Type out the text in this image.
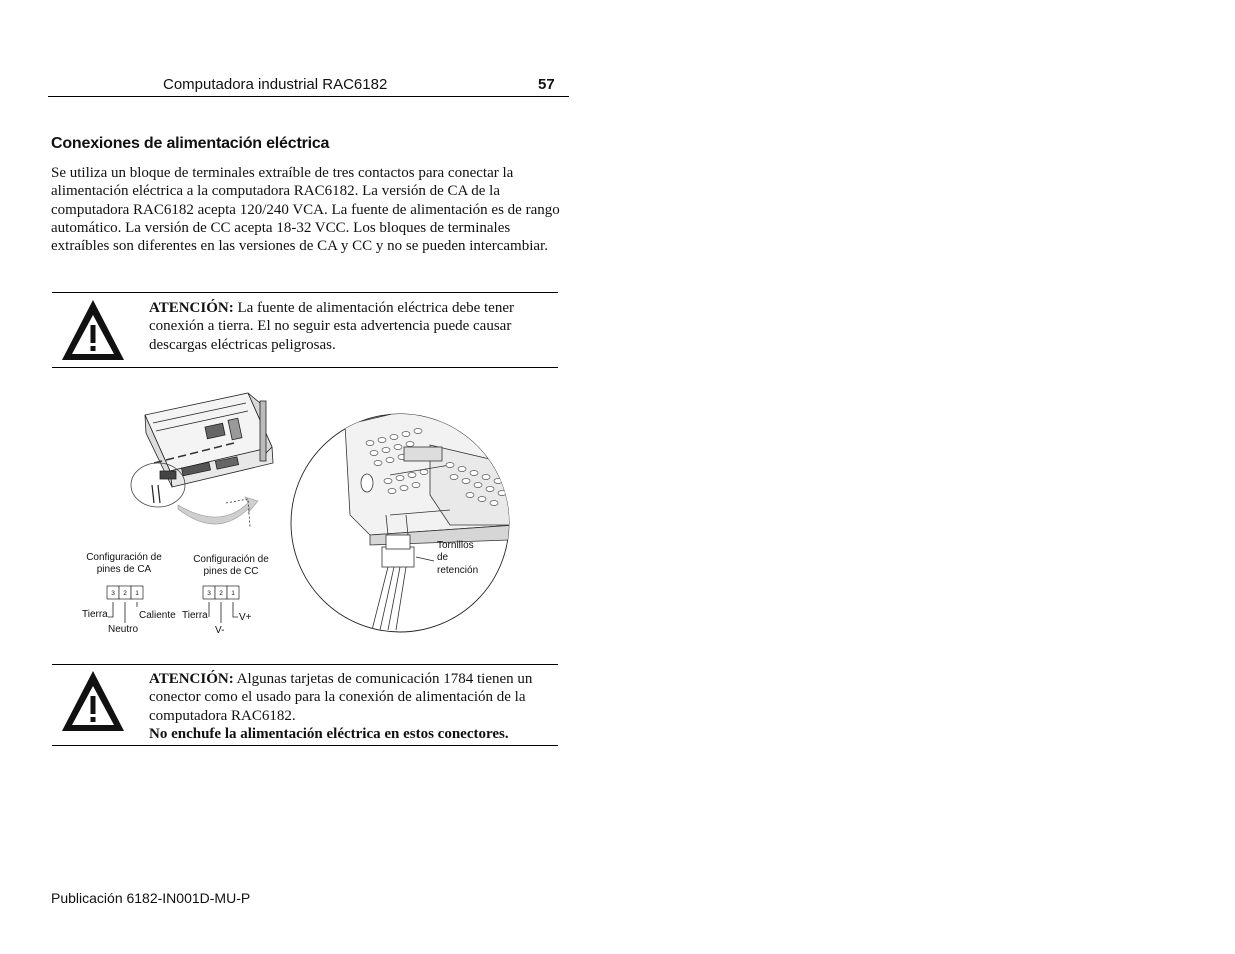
Computadora industrial RAC6182	57
Conexiones de alimentación eléctrica
Se utiliza un bloque de terminales extraíble de tres contactos para conectar la alimentación eléctrica a la computadora RAC6182. La versión de CA de la computadora RAC6182 acepta 120/240 VCA. La fuente de alimentación es de rango automático. La versión de CC acepta 18-32 VCC. Los bloques de terminales extraíbles son diferentes en las versiones de CA y CC y no se pueden intercambiar.
ATENCIÓN: La fuente de alimentación eléctrica debe tener conexión a tierra. El no seguir esta advertencia puede causar descargas eléctricas peligrosas.
Tornillos
de
retención
Configuración de
pines de CA
3 2 1
Tierra
Neutro
Caliente
Configuración de
pines de CC
3 2 1
Tierra
V-
V+
ATENCIÓN: Algunas tarjetas de comunicación 1784 tienen un conector como el usado para la conexión de alimentación de la computadora RAC6182.
No enchufe la alimentación eléctrica en estos conectores.
Publicación 6182-IN001D-MU-P
